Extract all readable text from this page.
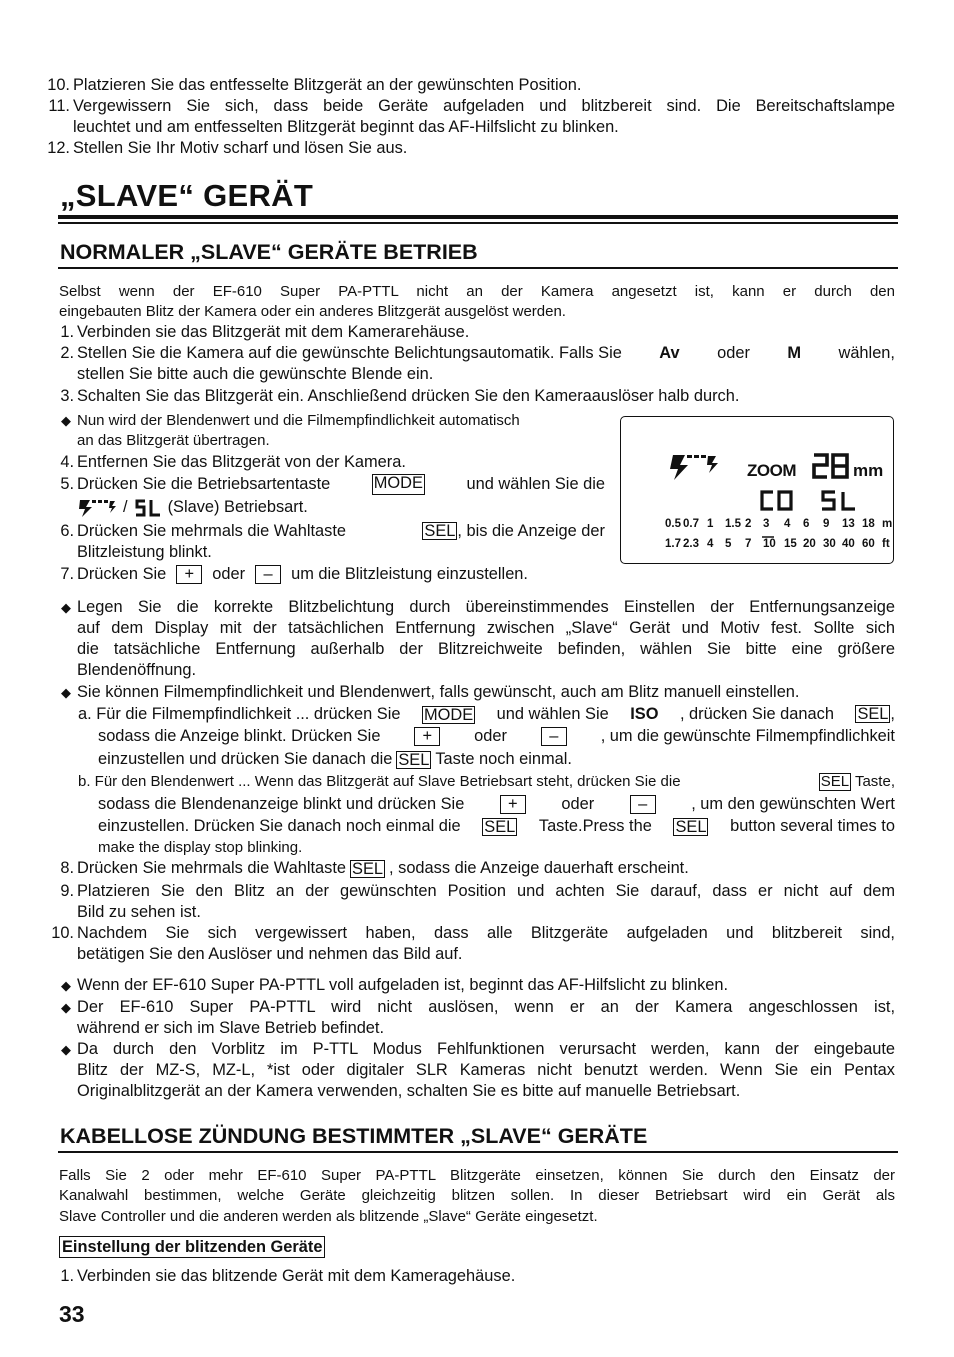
10. Platzieren Sie das entfesselte Blitzgerät an der gewünschten Position.
11. Vergewissern Sie sich, dass beide Geräte aufgeladen und blitzbereit sind. Die Bereitschaftslampe
leuchtet und am entfesselten Blitzgerät beginnt das AF-Hilfslicht zu blinken.
12. Stellen Sie Ihr Motiv scharf und lösen Sie aus.
„SLAVE“ GERÄT
NORMALER „SLAVE“ GERÄTE BETRIEB
Selbst wenn der EF-610 Super PA-PTTL nicht an der Kamera angesetzt ist, kann er durch den
eingebauten Blitz der Kamera oder ein anderes Blitzgerät ausgelöst werden.
1. Verbinden sie das Blitzgerät mit dem Kamerагehäuse.
2. Stellen Sie die Kamera auf die gewünschte Belichtungsautomatik. Falls Sie Av oder M wählen,
stellen Sie bitte auch die gewünschte Blende ein.
3. Schalten Sie das Blitzgerät ein. Anschließend drücken Sie den Kameraauslöser halb durch.
◆ Nun wird der Blendenwert und die Filmempfindlichkeit automatisch
an das Blitzgerät übertragen.
4. Entfernen Sie das Blitzgerät von der Kamera.
5. Drücken Sie die Betriebsartentaste	MODE	und wählen Sie die
/ (Slave) Betriebsart.
6. Drücken Sie mehrmals die Wahltaste	SEL , bis die Anzeige der
Blitzleistung blinkt.
7. Drücken Sie	+	oder	–	um die Blitzleistung einzustellen.
ZOOM	mm
0.5 0.7 1 1.5 2 3 4 6 9 13 18 m
1.7 2.3 4 5 7 10 15 20 30 40 60 ft
◆ Legen Sie die korrekte Blitzbelichtung durch übereinstimmendes Einstellen der Entfernungsanzeige
auf dem Display mit der tatsächlichen Entfernung zwischen „Slave“ Gerät und Motiv fest. Sollte sich
die tatsächliche Entfernung außerhalb der Blitzreichweite befinden, wählen Sie bitte eine größere
Blendenöffnung.
◆ Sie können Filmempfindlichkeit und Blendenwert, falls gewünscht, auch am Blitz manuell einstellen.
a. Für die Filmempfindlichkeit ... drücken Sie MODE und wählen Sie ISO , drücken Sie danach SEL ,
sodass die Anzeige blinkt. Drücken Sie	+	oder	–	, um die gewünschte Filmempfindlichkeit
einzustellen und drücken Sie danach die SEL Taste noch einmal.
b. Für den Blendenwert ... Wenn das Blitzgerät auf Slave Betriebsart steht, drücken Sie die	SEL Taste,
sodass die Blendenanzeige blinkt und drücken Sie	+	oder	–	, um den gewünschten Wert
einzustellen. Drücken Sie danach noch einmal die SEL Taste.Press the SEL button several times to
make the display stop blinking.
8. Drücken Sie mehrmals die Wahltaste SEL , sodass die Anzeige dauerhaft erscheint.
9. Platzieren Sie den Blitz an der gewünschten Position und achten Sie darauf, dass er nicht auf dem
Bild zu sehen ist.
10. Nachdem Sie sich vergewissert haben, dass alle Blitzgeräte aufgeladen und blitzbereit sind,
betätigen Sie den Auslöser und nehmen das Bild auf.
◆ Wenn der EF-610 Super PA-PTTL voll aufgeladen ist, beginnt das AF-Hilfslicht zu blinken.
◆ Der EF-610 Super PA-PTTL wird nicht auslösen, wenn er an der Kamera angeschlossen ist,
während er sich im Slave Betrieb befindet.
◆ Da durch den Vorblitz im P-TTL Modus Fehlfunktionen verursacht werden, kann der eingebaute
Blitz der MZ-S, MZ-L, *ist oder digitaler SLR Kameras nicht benutzt werden. Wenn Sie ein Pentax
Originalblitzgerät an der Kamera verwenden, schalten Sie es bitte auf manuelle Betriebsart.
KABELLOSE ZÜNDUNG BESTIMMTER „SLAVE“ GERÄTE
Falls Sie 2 oder mehr EF-610 Super PA-PTTL Blitzgeräte einsetzen, können Sie durch den Einsatz der
Kanalwahl bestimmen, welche Geräte gleichzeitig blitzen sollen. In dieser Betriebsart wird ein Gerät als
Slave Controller und die anderen werden als blitzende „Slave“ Geräte eingesetzt.
Einstellung der blitzenden Geräte
1. Verbinden sie das blitzende Gerät mit dem Kameragehäuse.
33
